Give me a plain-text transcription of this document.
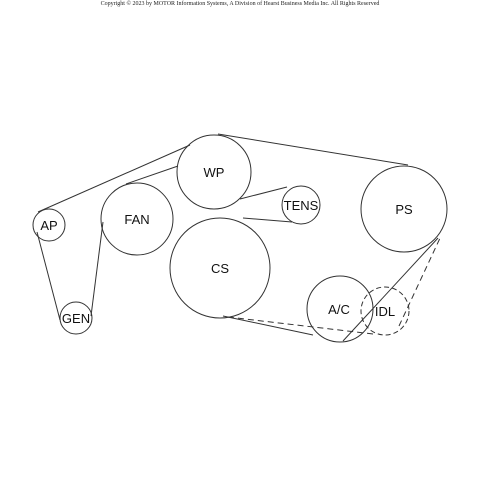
Copyright © 2023 by MOTOR Information Systems, A Division of Hearst Business Media Inc. All Rights Reserved
WP
FAN
AP
GEN
TENS
CS
PS
A/C IDL
